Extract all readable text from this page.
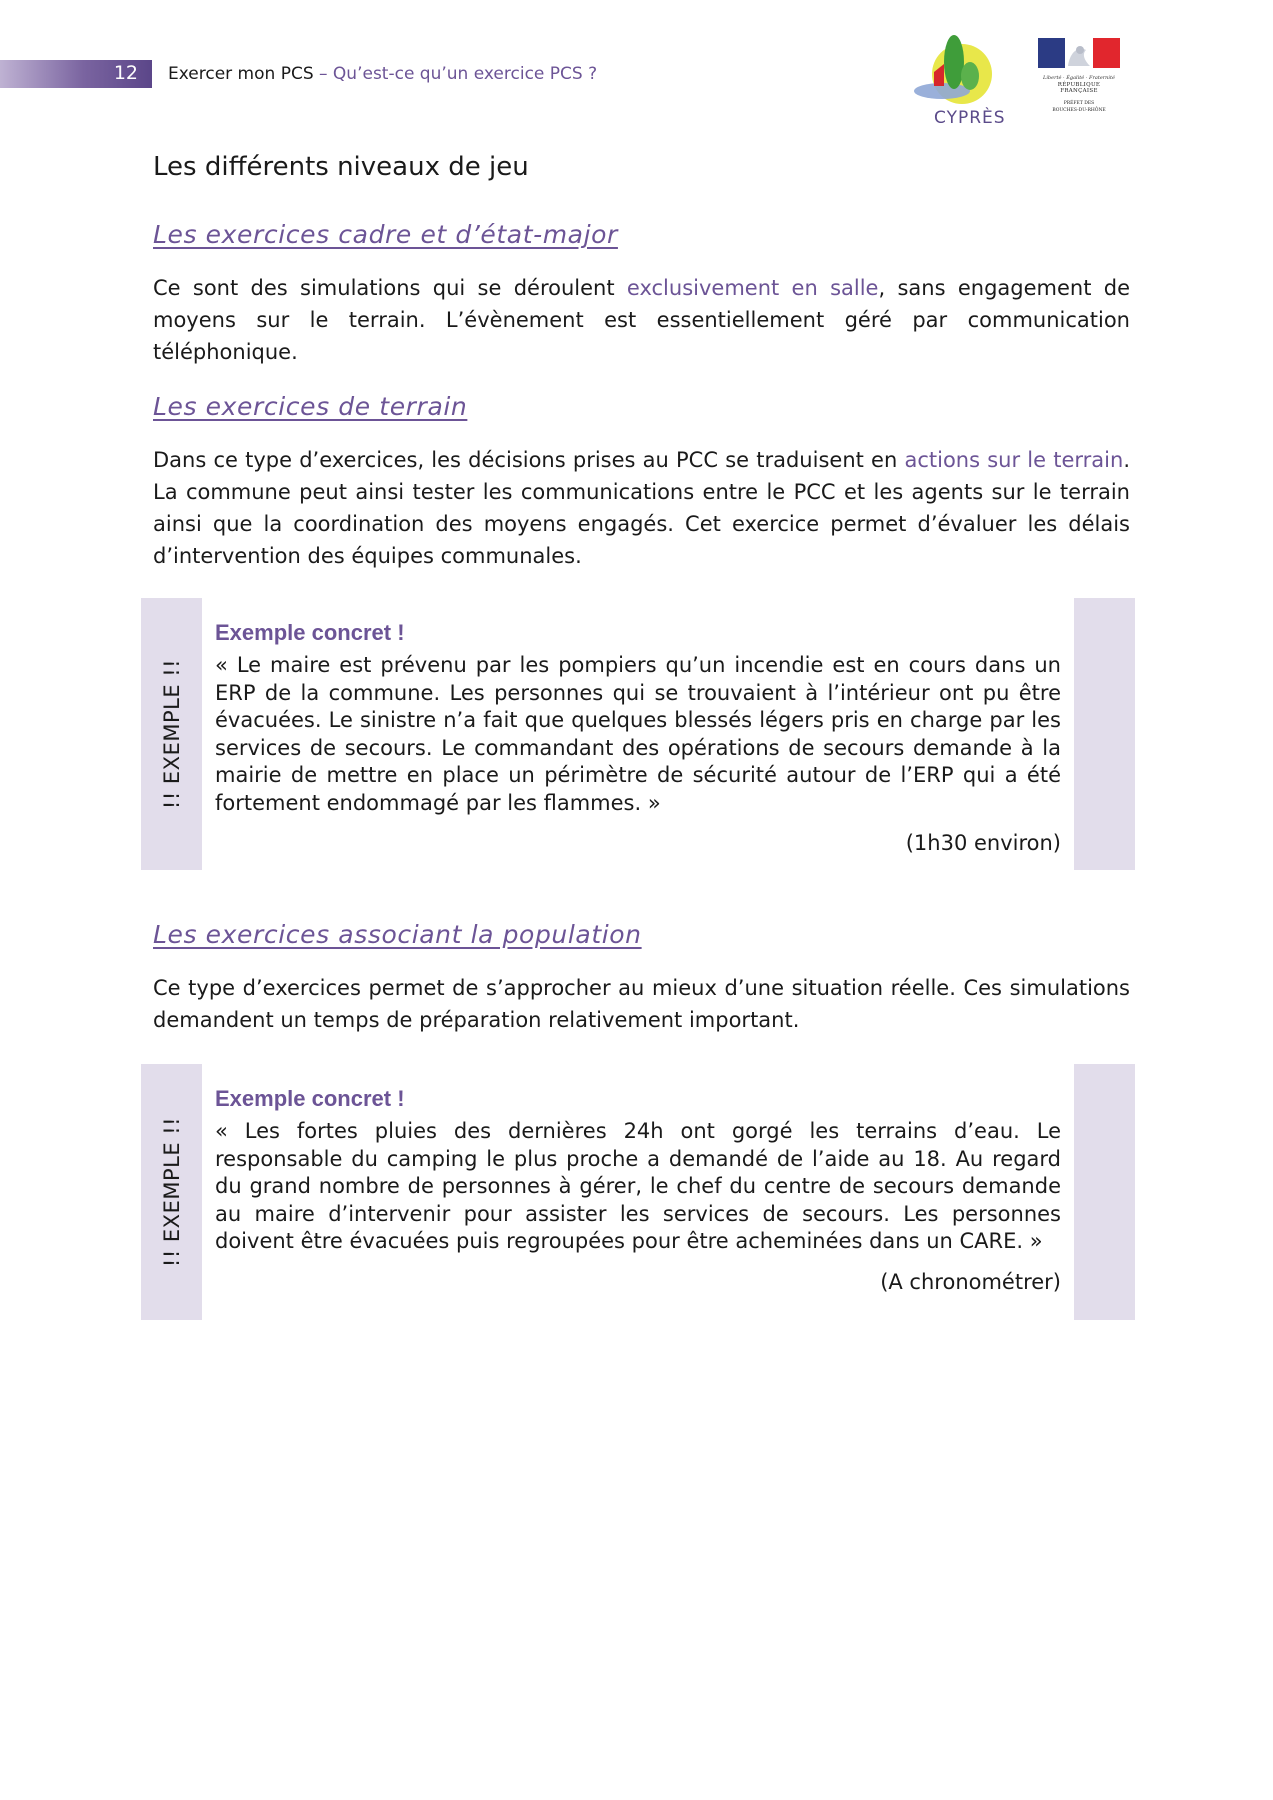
12 Exercer mon PCS – Qu’est-ce qu’un exercice PCS ?
CYPRÈS
Liberté · Égalité · Fraternité
RÉPUBLIQUE FRANÇAISE
PRÉFET DES
BOUCHES-DU-RHÔNE
Les différents niveaux de jeu
Les exercices cadre et d’état-major

Ce sont des simulations qui se déroulent exclusivement en salle, sans engagement de moyens sur le terrain. L’évènement est essentiellement géré par communication téléphonique.

Les exercices de terrain

Dans ce type d’exercices, les décisions prises au PCC se traduisent en actions sur le terrain. La commune peut ainsi tester les communications entre le PCC et les agents sur le terrain ainsi que la coordination des moyens engagés. Cet exercice permet d’évaluer les délais d’intervention des équipes communales.

!! EXEMPLE !!
Exemple concret !

« Le maire est prévenu par les pompiers qu’un incendie est en cours dans un ERP de la commune. Les personnes qui se trouvaient à l’intérieur ont pu être évacuées. Le sinistre n’a fait que quelques blessés légers pris en charge par les services de secours. Le commandant des opérations de secours demande à la mairie de mettre en place un périmètre de sécurité autour de l’ERP qui a été fortement endommagé par les flammes. »

(1h30 environ)

Les exercices associant la population

Ce type d’exercices permet de s’approcher au mieux d’une situation réelle. Ces simulations demandent un temps de préparation relativement important.

!! EXEMPLE !!
Exemple concret !

« Les fortes pluies des dernières 24h ont gorgé les terrains d’eau. Le responsable du camping le plus proche a demandé de l’aide au 18. Au regard du grand nombre de personnes à gérer, le chef du centre de secours demande au maire d’intervenir pour assister les services de secours. Les personnes doivent être évacuées puis regroupées pour être acheminées dans un CARE. »

(A chronométrer)
